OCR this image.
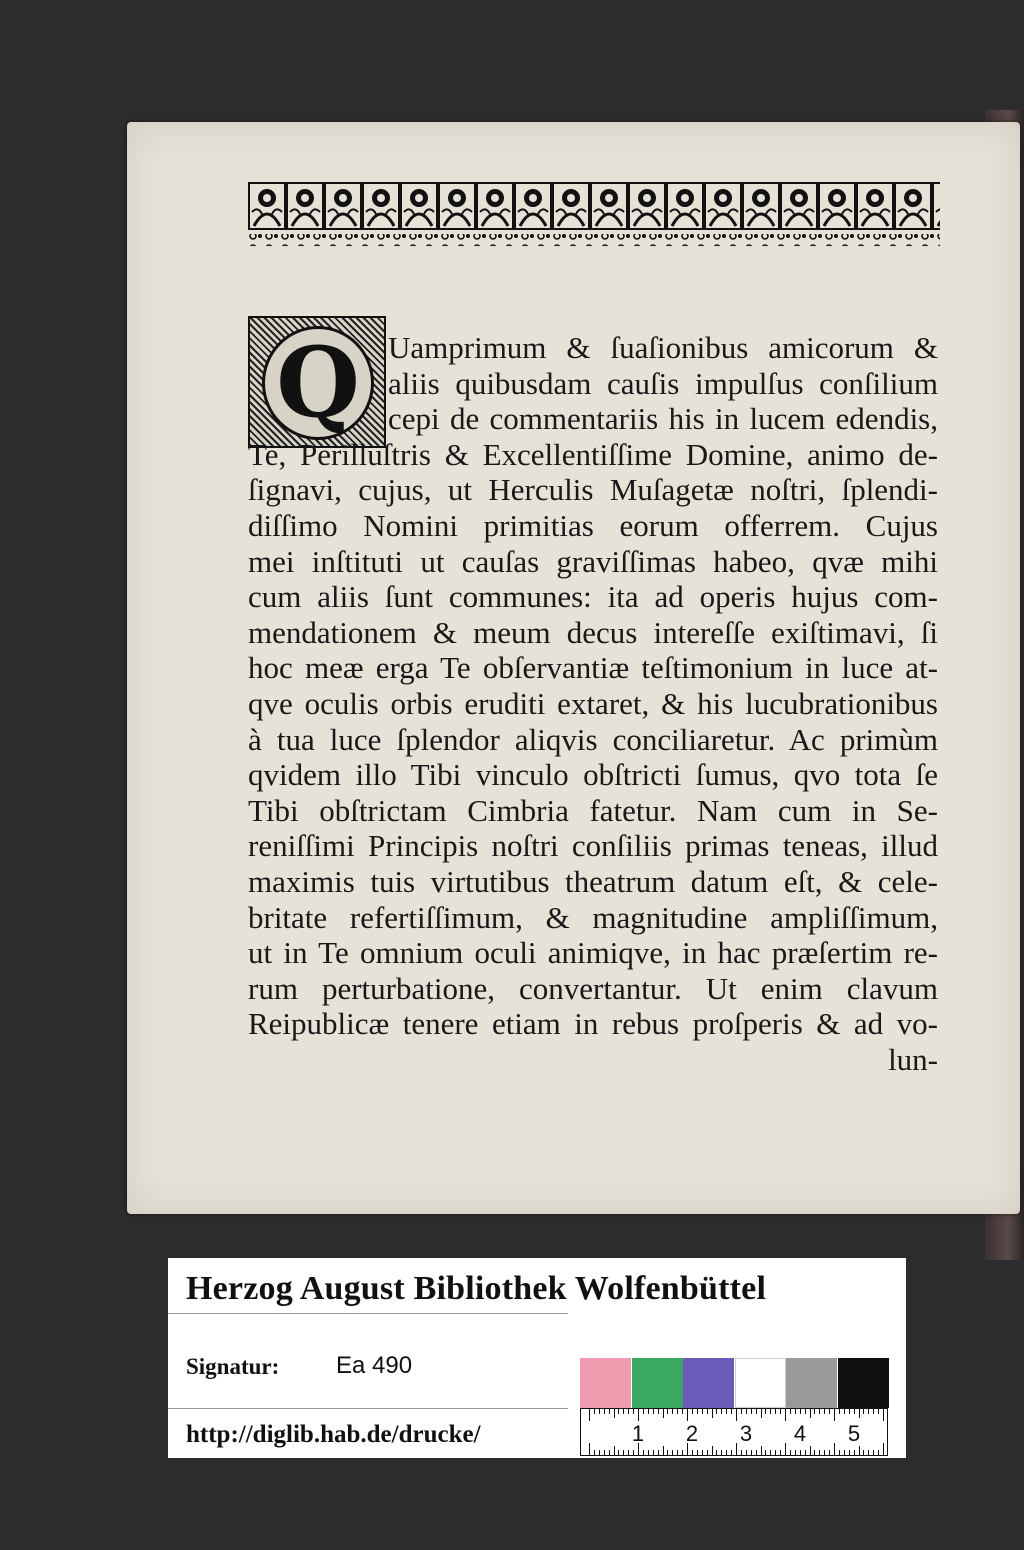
Q Uamprimum & ſuaſionibus amicorum &
aliis quibusdam cauſis impulſus conſilium
cepi de commentariis his in lucem edendis,
Te, Perilluſtris & Excellentiſſime Domine, animo de-
ſignavi, cujus, ut Herculis Muſagetæ noſtri, ſplendi-
diſſimo Nomini primitias eorum offerrem. Cujus
mei inſtituti ut cauſas graviſſimas habeo, qvæ mihi
cum aliis ſunt communes: ita ad operis hujus com-
mendationem & meum decus intereſſe exiſtimavi, ſi
hoc meæ erga Te obſervantiæ teſtimonium in luce at-
qve oculis orbis eruditi extaret, & his lucubrationibus
à tua luce ſplendor aliqvis conciliaretur. Ac primùm
qvidem illo Tibi vinculo obſtricti ſumus, qvo tota ſe
Tibi obſtrictam Cimbria fatetur. Nam cum in Se-
reniſſimi Principis noſtri conſiliis primas teneas, illud
maximis tuis virtutibus theatrum datum eſt, & cele-
britate refertiſſimum, & magnitudine ampliſſimum,
ut in Te omnium oculi animiqve, in hac præſertim re-
rum perturbatione, convertantur. Ut enim clavum
Reipublicæ tenere etiam in rebus proſperis & ad vo-
lun-
Herzog August Bibliothek Wolfenbüttel
Signatur: Ea 490
http://diglib.hab.de/drucke/	1 2 3 4 5
